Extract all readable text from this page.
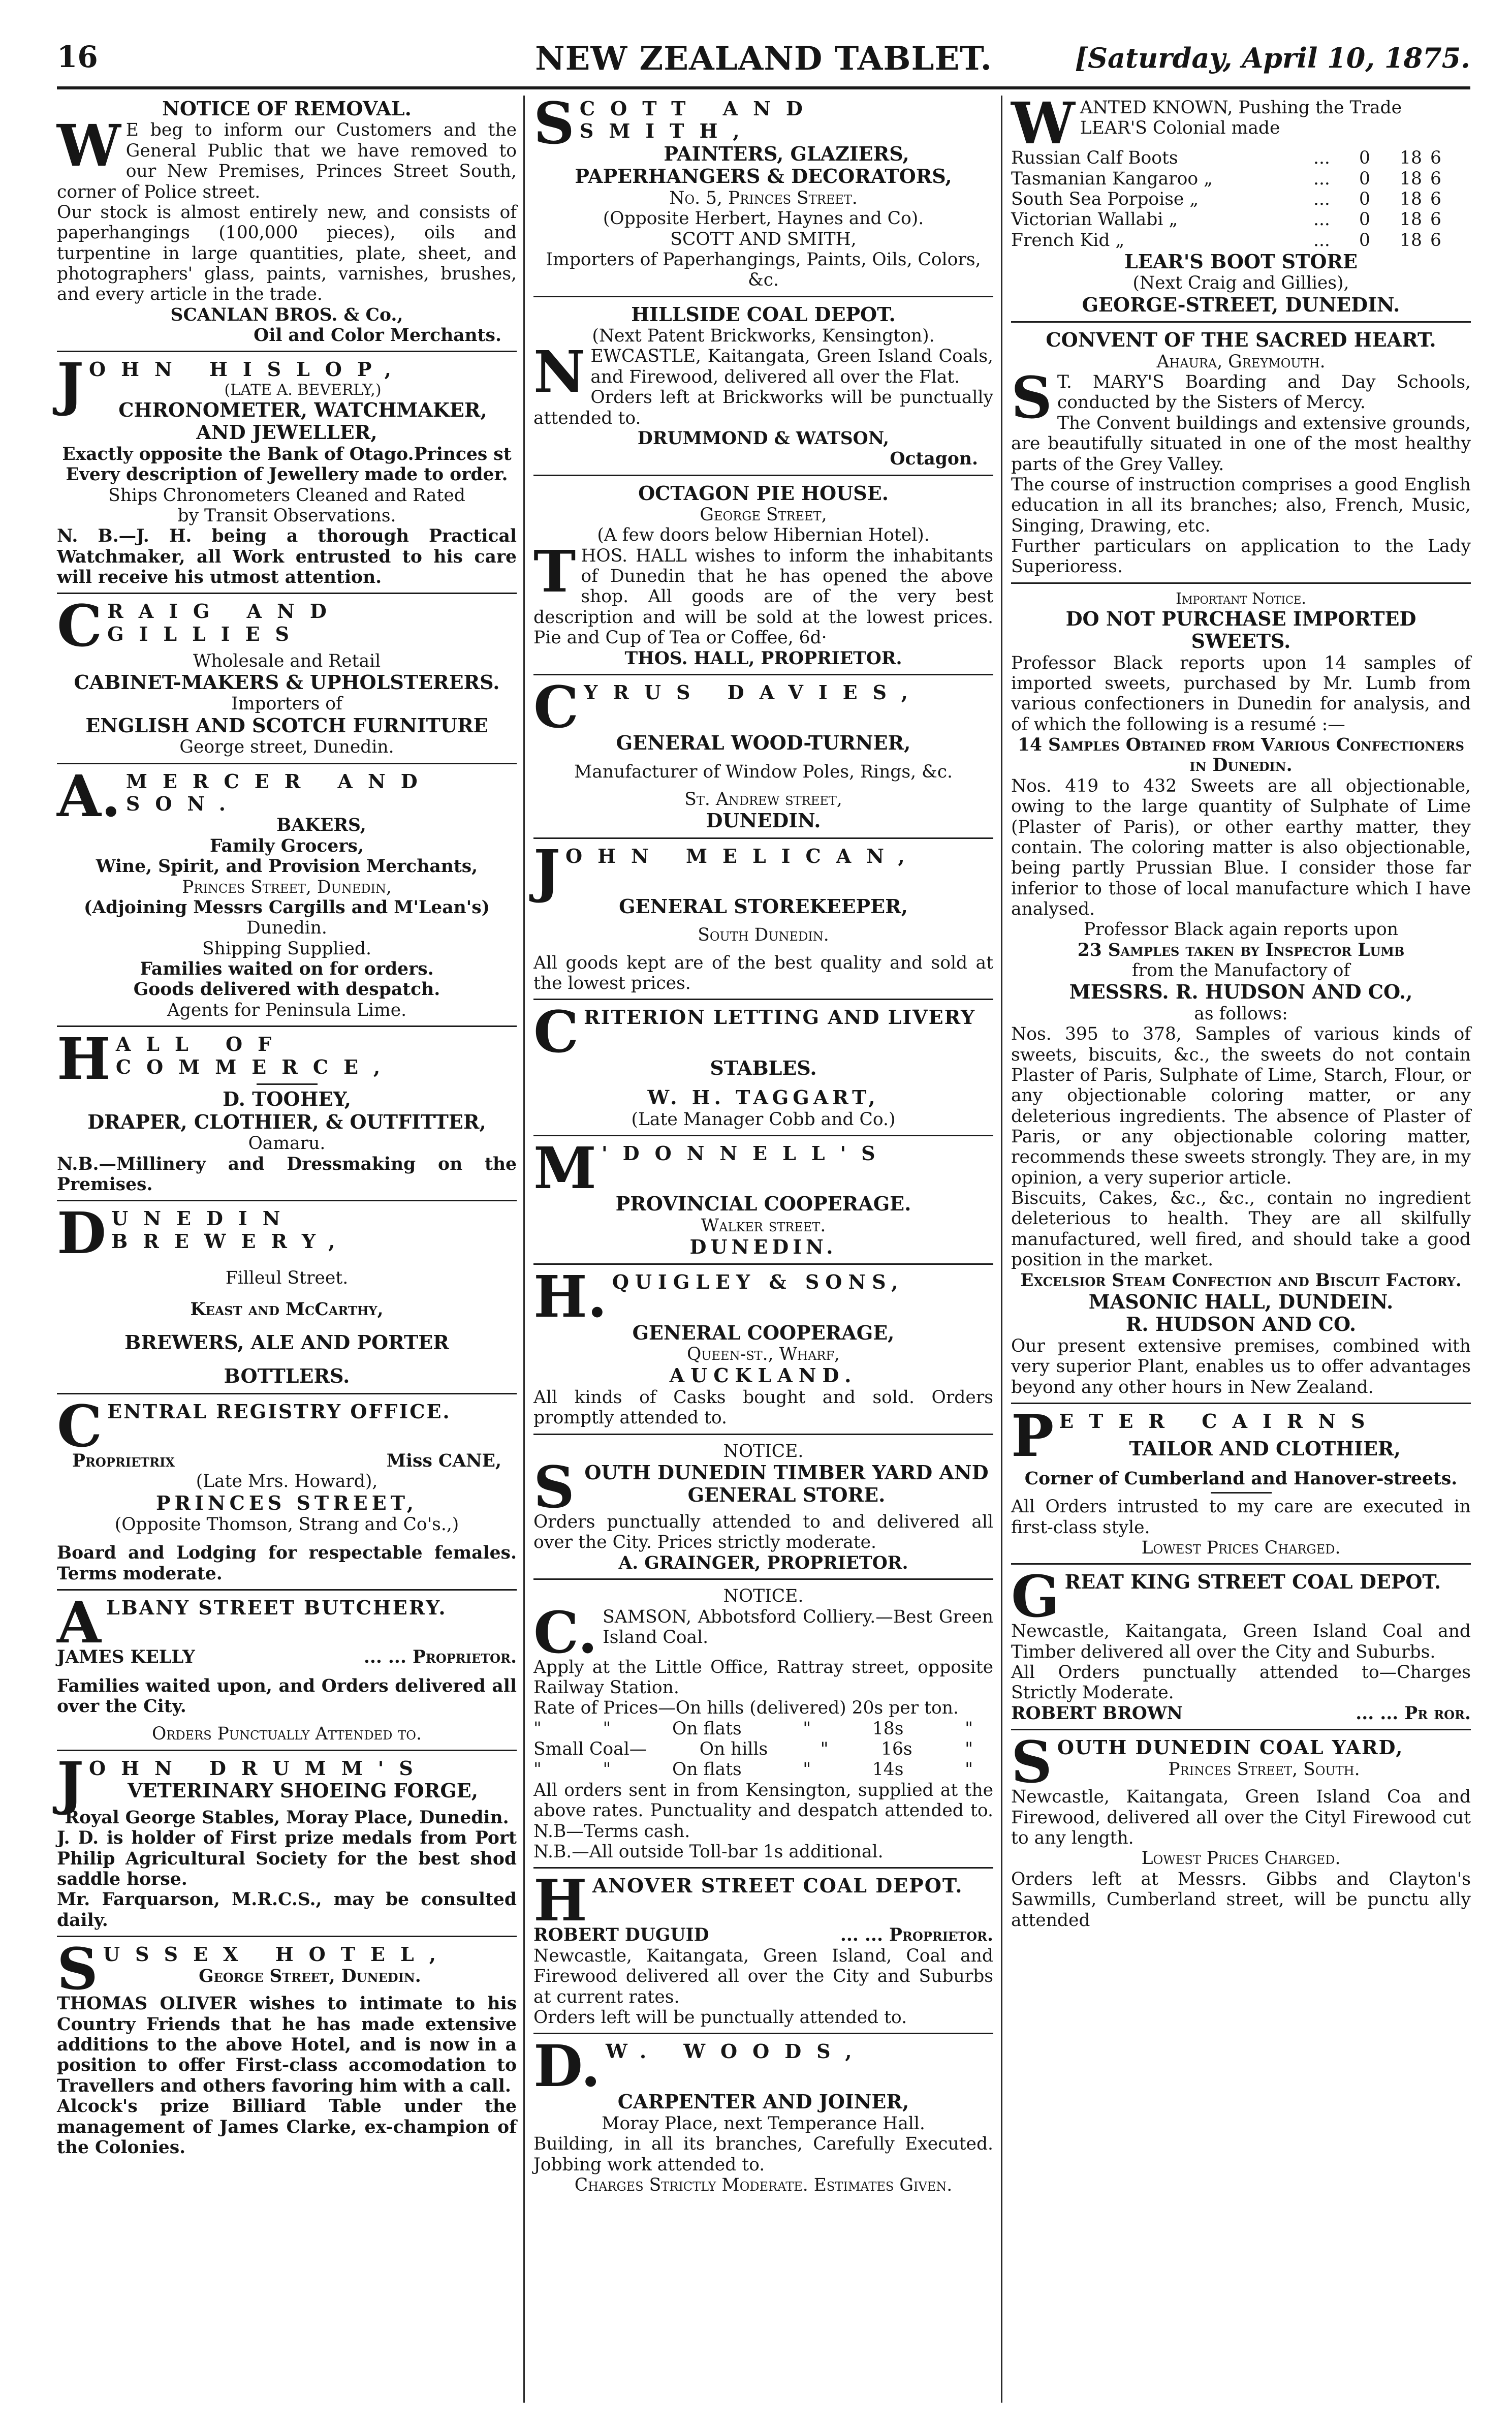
16	NEW ZEALAND TABLET.	[Saturday, April 10, 1875.

NOTICE OF REMOVAL.

W E beg to inform our Customers and the General Public that we have removed to our New Premises, Princes Street South, corner of Police street.

Our stock is almost entirely new, and consists of paperhangings (100,000 pieces), oils and turpentine in large quantities, plate, sheet, and photographers' glass, paints, varnishes, brushes, and every article in the trade.

SCANLAN BROS. & Co.,

Oil and Color Merchants.

JOHN HISLOP,

(LATE A. BEVERLY,)

CHRONOMETER, WATCHMAKER,

AND JEWELLER,

Exactly opposite the Bank of Otago.Princes st

Every description of Jewellery made to order.

Ships Chronometers Cleaned and Rated

by Transit Observations.

N. B.—J. H. being a thorough Practical Watchmaker, all Work entrusted to his care will receive his utmost attention.

CRAIG AND GILLIES

Wholesale and Retail

CABINET-MAKERS & UPHOLSTERERS.

Importers of

ENGLISH AND SCOTCH FURNITURE

George street, Dunedin.

A. MERCER AND SON.

BAKERS,

Family Grocers,

Wine, Spirit, and Provision Merchants,

Princes Street, Dunedin,

(Adjoining Messrs Cargills and M'Lean's)

Dunedin.

Shipping Supplied.

Families waited on for orders.

Goods delivered with despatch.

Agents for Peninsula Lime.

HALL OF COMMERCE,

D. TOOHEY,

DRAPER, CLOTHIER, & OUTFITTER,

Oamaru.

N.B.—Millinery and Dressmaking on the Premises.

DUNEDIN BREWERY,

Filleul Street.

Keast and McCarthy,

BREWERS, ALE AND PORTER

BOTTLERS.

CENTRAL REGISTRY OFFICE.

Proprietrix	Miss CANE,

(Late Mrs. Howard),

PRINCES STREET,

(Opposite Thomson, Strang and Co's.,)

Board and Lodging for respectable females. Terms moderate.

ALBANY STREET BUTCHERY.

JAMES KELLY	... ... Proprietor.

Families waited upon, and Orders delivered all over the City.

Orders Punctually Attended to.

JOHN DRUMM'S

VETERINARY SHOEING FORGE,

Royal George Stables, Moray Place, Dunedin.

J. D. is holder of First prize medals from Port Philip Agricultural Society for the best shod saddle horse.

Mr. Farquarson, M.R.C.S., may be consulted daily.

SUSSEX HOTEL,

George Street, Dunedin.

THOMAS OLIVER wishes to intimate to his Country Friends that he has made extensive additions to the above Hotel, and is now in a position to offer First-class accomodation to Travellers and others favoring him with a call.

Alcock's prize Billiard Table under the management of James Clarke, ex-champion of the Colonies.

SCOTT AND SMITH,

PAINTERS, GLAZIERS,

PAPERHANGERS & DECORATORS,

No. 5, Princes Street.

(Opposite Herbert, Haynes and Co).

SCOTT AND SMITH,

Importers of Paperhangings, Paints, Oils, Colors, &c.

HILLSIDE COAL DEPOT.

(Next Patent Brickworks, Kensington).

NEWCASTLE, Kaitangata, Green Island Coals, and Firewood, delivered all over the Flat.

Orders left at Brickworks will be punctually attended to.

DRUMMOND & WATSON,

Octagon.

OCTAGON PIE HOUSE.

George Street,

(A few doors below Hibernian Hotel).

THOS. HALL wishes to inform the inhabitants of Dunedin that he has opened the above shop. All goods are of the very best description and will be sold at the lowest prices. Pie and Cup of Tea or Coffee, 6d·

THOS. HALL, PROPRIETOR.

CYRUS DAVIES,

GENERAL WOOD-TURNER,

Manufacturer of Window Poles, Rings, &c.

St. Andrew street,

DUNEDIN.

JOHN MELICAN,

GENERAL STOREKEEPER,

South Dunedin.

All goods kept are of the best quality and sold at the lowest prices.

CRITERION LETTING AND LIVERY

STABLES.

W. H. TAGGART,

(Late Manager Cobb and Co.)

M 'DONNELL'S

PROVINCIAL COOPERAGE.

Walker street.

DUNEDIN.

H. QUIGLEY & SONS,

GENERAL COOPERAGE,

Queen-st., Wharf,

AUCKLAND.

All kinds of Casks bought and sold. Orders promptly attended to.

NOTICE.

S OUTH DUNEDIN TIMBER YARD AND GENERAL STORE.

Orders punctually attended to and delivered all over the City. Prices strictly moderate.

A. GRAINGER, PROPRIETOR.

NOTICE.

C. SAMSON, Abbotsford Colliery.—Best Green Island Coal.

Apply at the Little Office, Rattray street, opposite Railway Station.

Rate of Prices—On hills (delivered) 20s per ton.

"	"	On flats	"	18s	"
Small Coal—	On hills	"	16s	"
"	"	On flats	"	14s	"

All orders sent in from Kensington, supplied at the above rates. Punctuality and despatch attended to. N.B—Terms cash.

N.B.—All outside Toll-bar 1s additional.

HANOVER STREET COAL DEPOT.

ROBERT DUGUID	... ... Proprietor.

Newcastle, Kaitangata, Green Island, Coal and Firewood delivered all over the City and Suburbs at current rates.

Orders left will be punctually attended to.

D. W. WOODS,

CARPENTER AND JOINER,

Moray Place, next Temperance Hall.

Building, in all its branches, Carefully Executed. Jobbing work attended to.

Charges Strictly Moderate. Estimates Given.

WANTED KNOWN, Pushing the Trade

LEAR'S Colonial made

Russian Calf Boots	...	0	18 6
Tasmanian Kangaroo „	...	0	18 6
South Sea Porpoise „	...	0	18 6
Victorian Wallabi „	...	0	18 6
French Kid „	...	0	18 6

LEAR'S BOOT STORE

(Next Craig and Gillies),

GEORGE-STREET, DUNEDIN.

CONVENT OF THE SACRED HEART.

Ahaura, Greymouth.

S T. MARY'S Boarding and Day Schools, conducted by the Sisters of Mercy.

The Convent buildings and extensive grounds, are beautifully situated in one of the most healthy parts of the Grey Valley.

The course of instruction comprises a good English education in all its branches; also, French, Music, Singing, Drawing, etc.

Further particulars on application to the Lady Superioress.

Important Notice.

DO NOT PURCHASE IMPORTED SWEETS.

Professor Black reports upon 14 samples of imported sweets, purchased by Mr. Lumb from various confectioners in Dunedin for analysis, and of which the following is a resumé :—

14 Samples Obtained from Various Confectioners in Dunedin.

Nos. 419 to 432 Sweets are all objectionable, owing to the large quantity of Sulphate of Lime (Plaster of Paris), or other earthy matter, they contain. The coloring matter is also objectionable, being partly Prussian Blue. I consider those far inferior to those of local manufacture which I have analysed.

Professor Black again reports upon

23 Samples taken by Inspector Lumb

from the Manufactory of

MESSRS. R. HUDSON AND CO.,

as follows:

Nos. 395 to 378, Samples of various kinds of sweets, biscuits, &c., the sweets do not contain Plaster of Paris, Sulphate of Lime, Starch, Flour, or any objectionable coloring matter, or any deleterious ingredients. The absence of Plaster of Paris, or any objectionable coloring matter, recommends these sweets strongly. They are, in my opinion, a very superior article.

Biscuits, Cakes, &c., &c., contain no ingredient deleterious to health. They are all skilfully manufactured, well fired, and should take a good position in the market.

Excelsior Steam Confection and Biscuit Factory.

MASONIC HALL, DUNDEIN.

R. HUDSON AND CO.

Our present extensive premises, combined with very superior Plant, enables us to offer advantages beyond any other hours in New Zealand.

PETER CAIRNS

TAILOR AND CLOTHIER,

Corner of Cumberland and Hanover-streets.

All Orders intrusted to my care are executed in first-class style.

Lowest Prices Charged.

GREAT KING STREET COAL DEPOT.

Newcastle, Kaitangata, Green Island Coal and Timber delivered all over the City and Suburbs.

All Orders punctually attended to—Charges Strictly Moderate.

ROBERT BROWN	... ... Pr ror.

SOUTH DUNEDIN COAL YARD,

Princes Street, South.

Newcastle, Kaitangata, Green Island Coa and Firewood, delivered all over the Cityl Firewood cut to any length.

Lowest Prices Charged.

Orders left at Messrs. Gibbs and Clayton's Sawmills, Cumberland street, will be punctu ally attended
